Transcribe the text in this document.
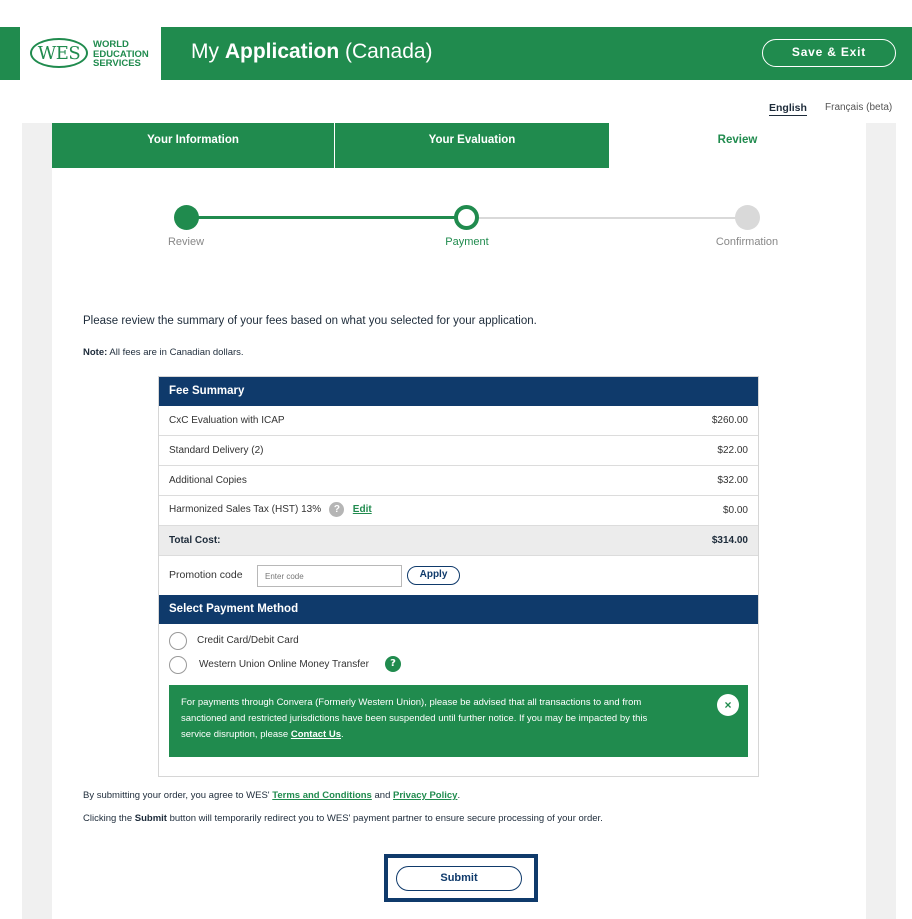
WES	WORLD
EDUCATION
SERVICES
My Application (Canada)	Save & Exit
English Français (beta)
Your Information	Your Evaluation	Review
Review	Payment	Confirmation
Please review the summary of your fees based on what you selected for your application.
Note: All fees are in Canadian dollars.
Fee Summary
CxC Evaluation with ICAP	$260.00
Standard Delivery (2)	$22.00
Additional Copies	$32.00
Harmonized Sales Tax (HST) 13% ? Edit	$0.00
Total Cost:	$314.00
Promotion code
Enter code	Apply
Select Payment Method
Credit Card/Debit Card
Western Union Online Money Transfer	?
For payments through Convera (Formerly Western Union), please be advised that all transactions to and from sanctioned and restricted jurisdictions have been suspended until further notice. If you may be impacted by this service disruption, please Contact Us.
×
By submitting your order, you agree to WES' Terms and Conditions and Privacy Policy.
Clicking the Submit button will temporarily redirect you to WES' payment partner to ensure secure processing of your order.
Submit
